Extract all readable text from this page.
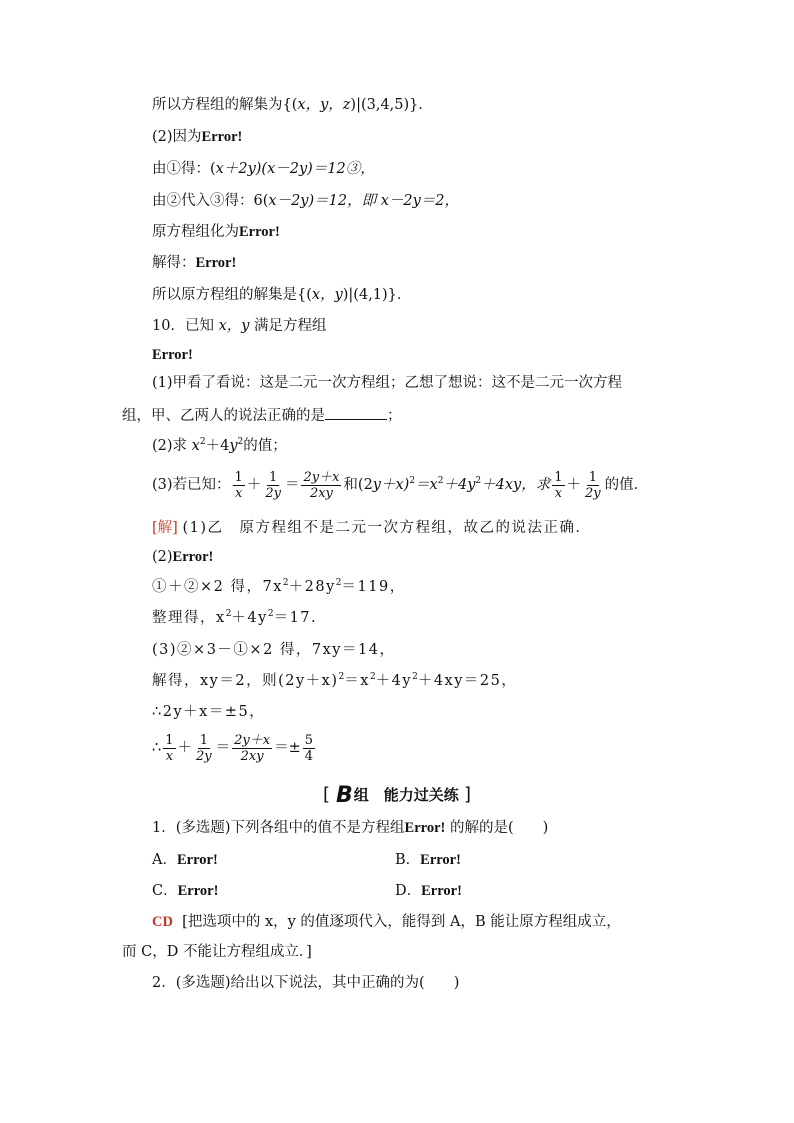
所以方程组的解集为{(x，y，z)|(3,4,5)}．
(2)因为Error!
由①得：(x＋2y)(x－2y)＝12③，
由②代入③得：6(x－2y)＝12，即 x－2y＝2，
原方程组化为Error!
解得：Error!
所以原方程组的解集是{(x，y)|(4,1)}．
10．已知 x，y 满足方程组
Error!
(1)甲看了看说：这是二元一次方程组；乙想了想说：这不是二元一次方程
组，甲、乙两人的说法正确的是	；
(2)求 $x^2+4y^2$的值；
(3)若已知： $\frac{1}{x} + \frac{1}{2y} = \frac{2y+x}{2xy}$ 和$(2y+x)^2=x^2+4y^2+4xy$，求 $\frac{1}{x} + \frac{1}{2y}$ 的值．
[解] (1)乙　原方程组不是二元一次方程组，故乙的说法正确．
(2)Error!
①＋②×2 得，$7x^2+28y^2=119$，
整理得，$x^2+4y^2=17$.
(3)②×3－①×2 得，7xy＝14，
解得，xy＝2，则$(2y+x)^2=x^2+4y^2+4xy=25$，
∴2y＋x＝±5，
∴ $\frac{1}{x} + \frac{1}{2y} = \frac{2y+x}{2xy} =\pm \frac{5}{4}$
[ B组　能力过关练 ]
1．(多选题)下列各组中的值不是方程组Error! 的解的是(　　)
A．Error!	B．Error!
C．Error!	D．Error!
CD [把选项中的 x，y 的值逐项代入，能得到 A，B 能让原方程组成立，
而 C，D 不能让方程组成立．]
2．(多选题)给出以下说法，其中正确的为(　　)
